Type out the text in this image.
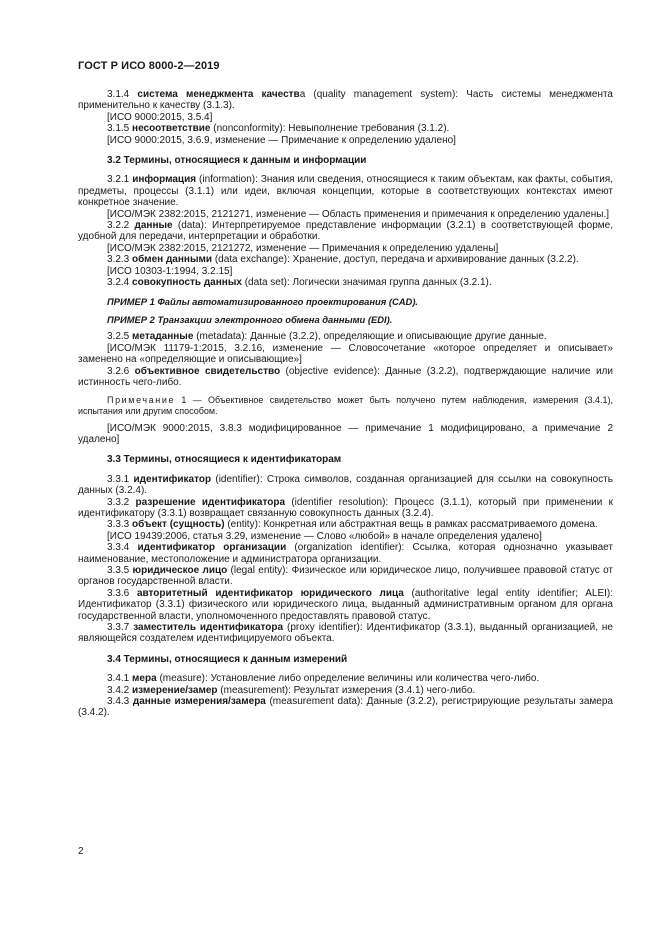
ГОСТ Р ИСО 8000-2—2019

3.1.4 система менеджмента качества (quality management system): Часть системы менеджмента применительно к качеству (3.1.3).

[ИСО 9000:2015, 3.5.4]

3.1.5 несоответствие (nonconformity): Невыполнение требования (3.1.2).

[ИСО 9000:2015, 3.6.9, изменение — Примечание к определению удалено]

3.2 Термины, относящиеся к данным и информации

3.2.1 информация (information): Знания или сведения, относящиеся к таким объектам, как факты, события, предметы, процессы (3.1.1) или идеи, включая концепции, которые в соответствующих контекстах имеют конкретное значение.

[ИСО/МЭК 2382:2015, 2121271, изменение — Область применения и примечания к определению удалены.]

3.2.2 данные (data): Интерпретируемое представление информации (3.2.1) в соответствующей форме, удобной для передачи, интерпретации и обработки.

[ИСО/МЭК 2382:2015, 2121272, изменение — Примечания к определению удалены]

3.2.3 обмен данными (data exchange): Хранение, доступ, передача и архивирование данных (3.2.2).

[ИСО 10303-1:1994, 3.2.15]

3.2.4 совокупность данных (data set): Логически значимая группа данных (3.2.1).

ПРИМЕР 1 Файлы автоматизированного проектирования (CAD).

ПРИМЕР 2 Транзакции электронного обмена данными (EDI).

3.2.5 метаданные (metadata): Данные (3.2.2), определяющие и описывающие другие данные.

[ИСО/МЭК 11179-1:2015, 3.2.16, изменение — Словосочетание «которое определяет и описывает» заменено на «определяющие и описывающие»]

3.2.6 объективное свидетельство (objective evidence): Данные (3.2.2), подтверждающие наличие или истинность чего-либо.

Примечание 1 — Объективное свидетельство может быть получено путем наблюдения, измерения (3.4.1), испытания или другим способом.

[ИСО/МЭК 9000:2015, 3.8.3 модифицированное — примечание 1 модифицировано, а примечание 2 удалено]

3.3 Термины, относящиеся к идентификаторам

3.3.1 идентификатор (identifier): Строка символов, созданная организацией для ссылки на совокупность данных (3.2.4).

3.3.2 разрешение идентификатора (identifier resolution): Процесс (3.1.1), который при применении к идентификатору (3.3.1) возвращает связанную совокупность данных (3.2.4).

3.3.3 объект (сущность) (entity): Конкретная или абстрактная вещь в рамках рассматриваемого домена.

[ИСО 19439:2006, статья 3.29, изменение — Слово «любой» в начале определения удалено]

3.3.4 идентификатор организации (organization identifier): Ссылка, которая однозначно указывает наименование, местоположение и администратора организации.

3.3.5 юридическое лицо (legal entity): Физическое или юридическое лицо, получившее правовой статус от органов государственной власти.

3.3.6 авторитетный идентификатор юридического лица (authoritative legal entity identifier; ALEI): Идентификатор (3.3.1) физического или юридического лица, выданный административным органом для органа государственной власти, уполномоченного предоставлять правовой статус.

3.3.7 заместитель идентификатора (proxy identifier): Идентификатор (3.3.1), выданный организацией, не являющейся создателем идентифицируемого объекта.

3.4 Термины, относящиеся к данным измерений

3.4.1 мера (measure): Установление либо определение величины или количества чего-либо.

3.4.2 измерение/замер (measurement): Результат измерения (3.4.1) чего-либо.

3.4.3 данные измерения/замера (measurement data): Данные (3.2.2), регистрирующие результаты замера (3.4.2).

2
